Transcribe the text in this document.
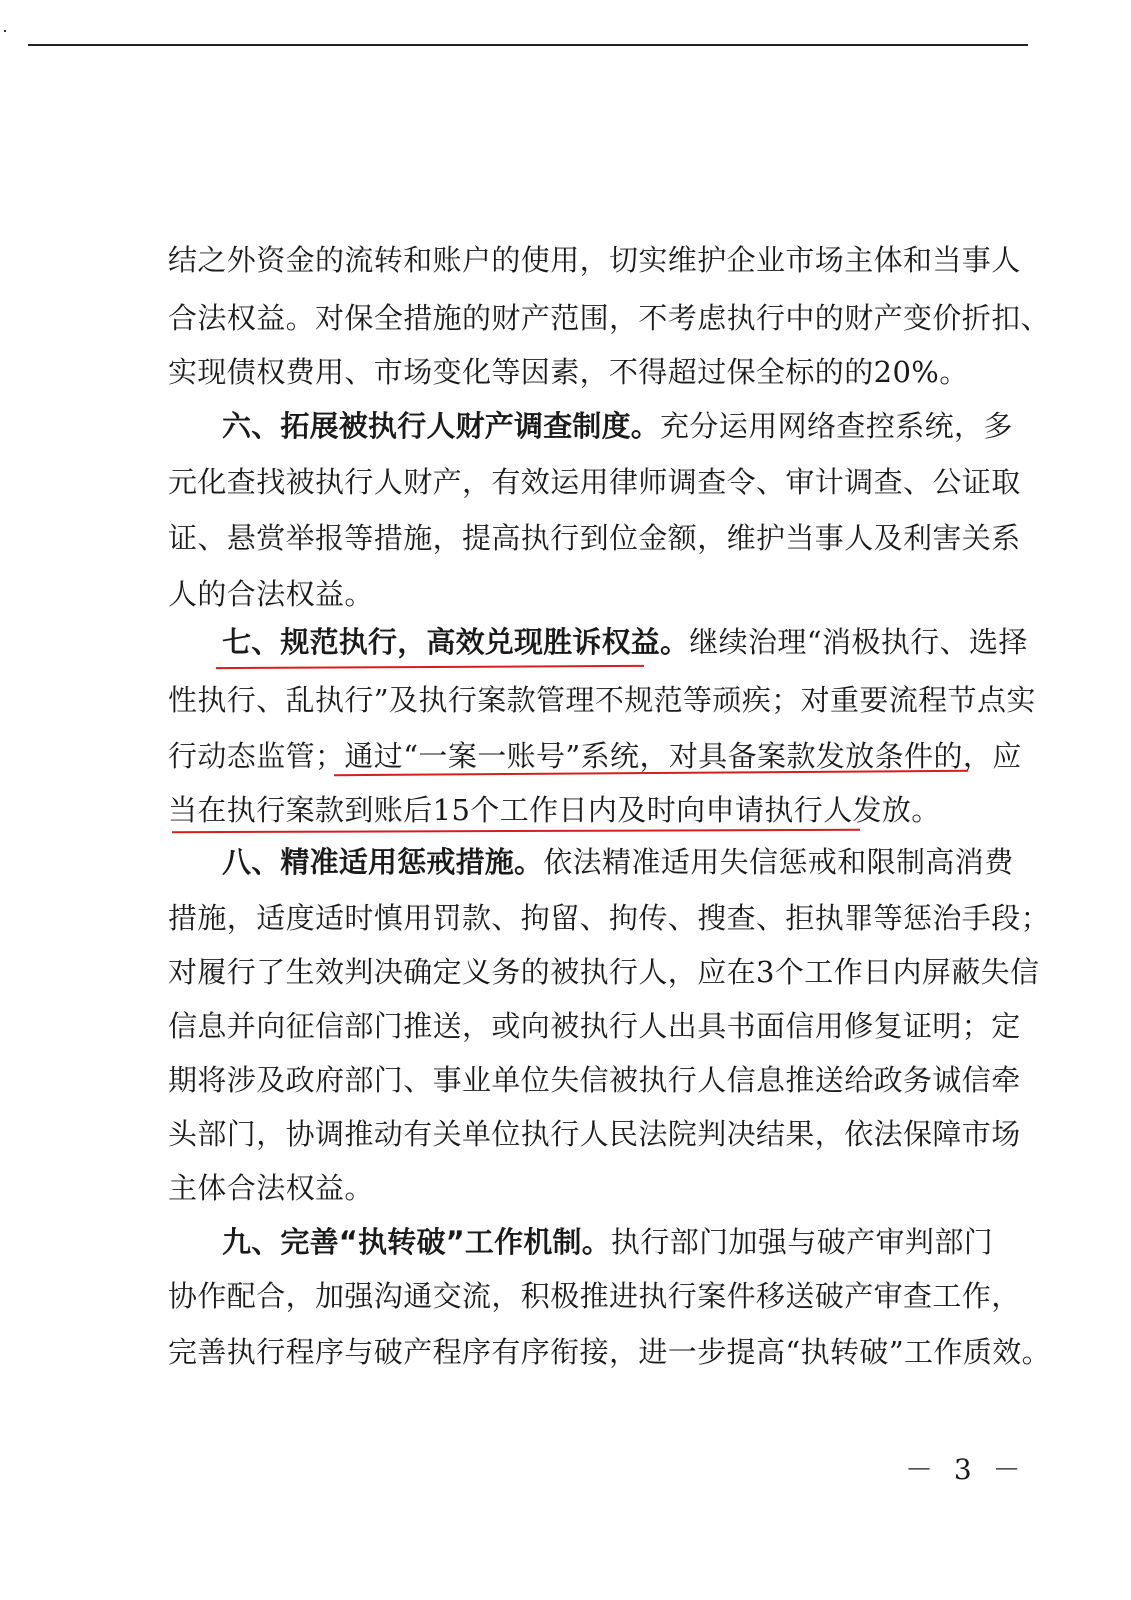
结之外资金的流转和账户的使用，切实维护企业市场主体和当事人
合法权益。对保全措施的财产范围，不考虑执行中的财产变价折扣、
实现债权费用、市场变化等因素，不得超过保全标的的20%。
六、拓展被执行人财产调查制度。充分运用网络查控系统，多
元化查找被执行人财产，有效运用律师调查令、审计调查、公证取
证、悬赏举报等措施，提高执行到位金额，维护当事人及利害关系
人的合法权益。
七、规范执行，高效兑现胜诉权益。继续治理“消极执行、选择
性执行、乱执行”及执行案款管理不规范等顽疾；对重要流程节点实
行动态监管；通过“一案一账号”系统，对具备案款发放条件的，应
当在执行案款到账后15个工作日内及时向申请执行人发放。
八、精准适用惩戒措施。依法精准适用失信惩戒和限制高消费
措施，适度适时慎用罚款、拘留、拘传、搜查、拒执罪等惩治手段；
对履行了生效判决确定义务的被执行人，应在3个工作日内屏蔽失信
信息并向征信部门推送，或向被执行人出具书面信用修复证明；定
期将涉及政府部门、事业单位失信被执行人信息推送给政务诚信牵
头部门，协调推动有关单位执行人民法院判决结果，依法保障市场
主体合法权益。
九、完善“执转破”工作机制。执行部门加强与破产审判部门
协作配合，加强沟通交流，积极推进执行案件移送破产审查工作，
完善执行程序与破产程序有序衔接，进一步提高“执转破”工作质效。
－ 3 －
